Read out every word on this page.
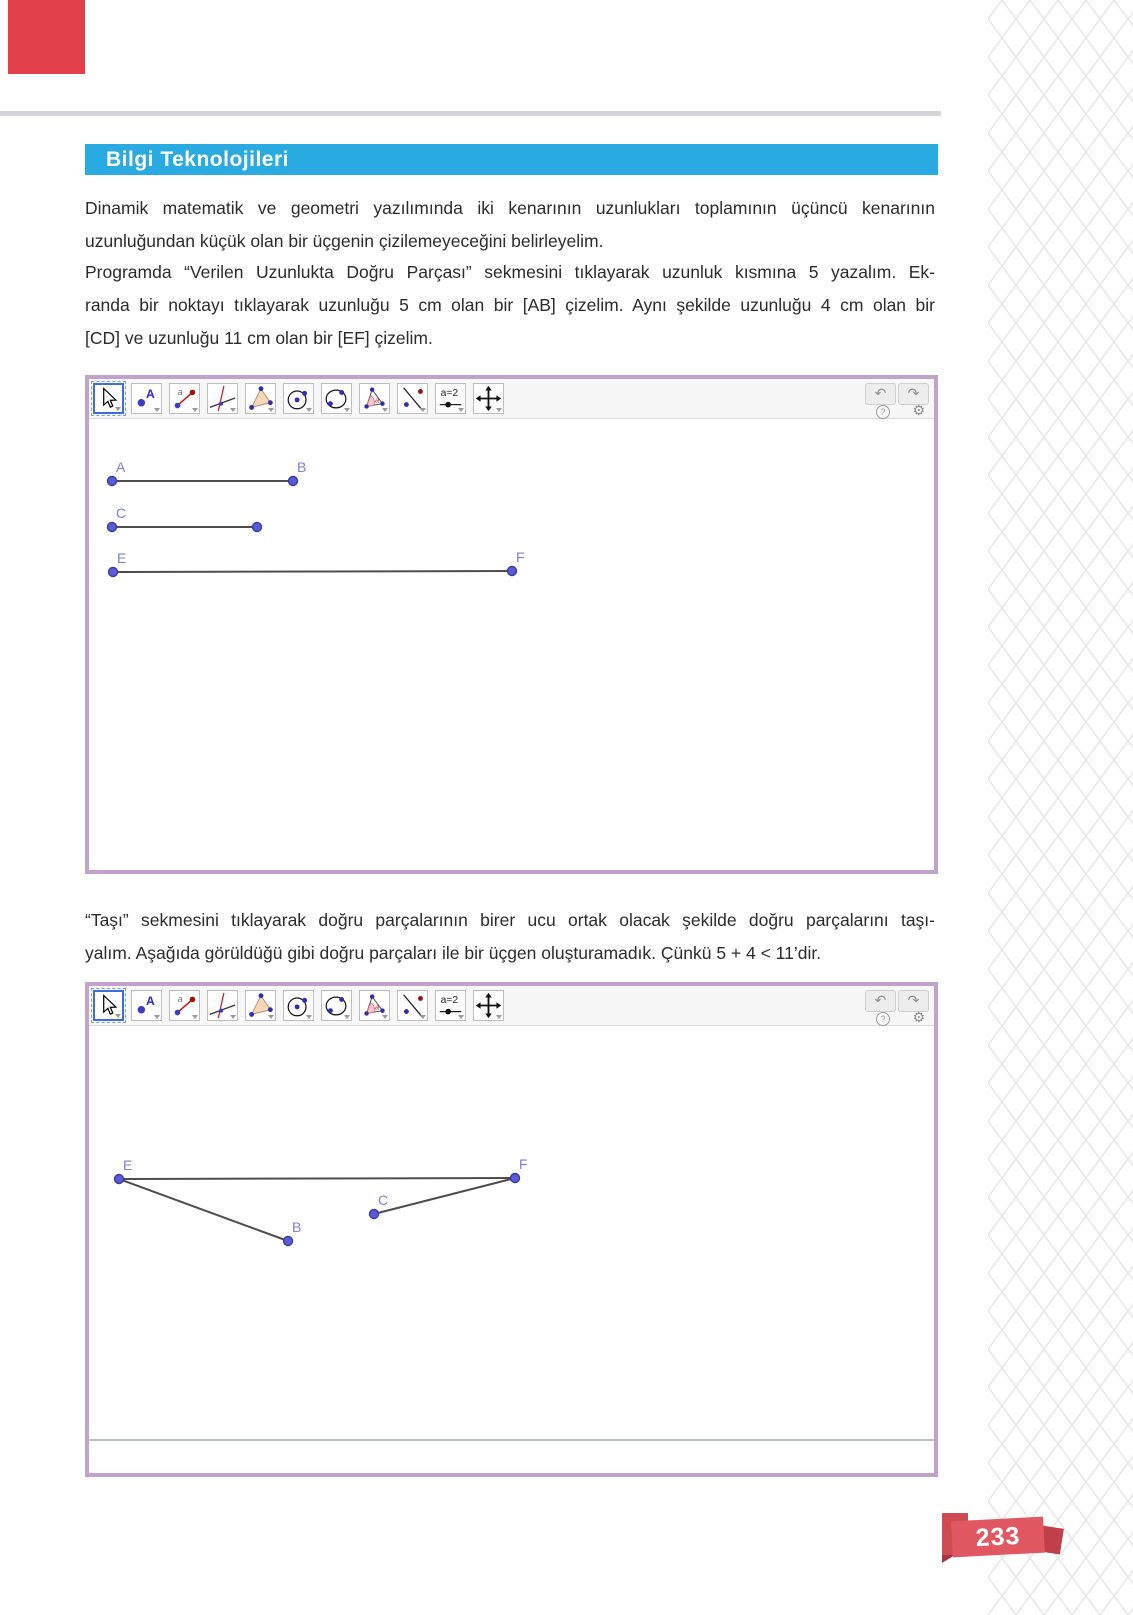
Bilgi Teknolojileri
Dinamik matematik ve geometri yazılımında iki kenarının uzunlukları toplamının üçüncü kenarının
uzunluğundan küçük olan bir üçgenin çizilemeyeceğini belirleyelim.
Programda “Verilen Uzunlukta Doğru Parçası” sekmesini tıklayarak uzunluk kısmına 5 yazalım. Ek-
randa bir noktayı tıklayarak uzunluğu 5 cm olan bir [AB] çizelim. Aynı şekilde uzunluğu 4 cm olan bir
[CD] ve uzunluğu 11 cm olan bir [EF] çizelim.
A a
a
a=2	↶	↷
?	⚙
A	B
C
E	F
“Taşı” sekmesini tıklayarak doğru parçalarının birer ucu ortak olacak şekilde doğru parçalarını taşı-
yalım. Aşağıda görüldüğü gibi doğru parçaları ile bir üçgen oluşturamadık. Çünkü 5 + 4 < 11’dir.
A a
a
a=2	↶	↷
?	⚙
E	F
B
C
233
